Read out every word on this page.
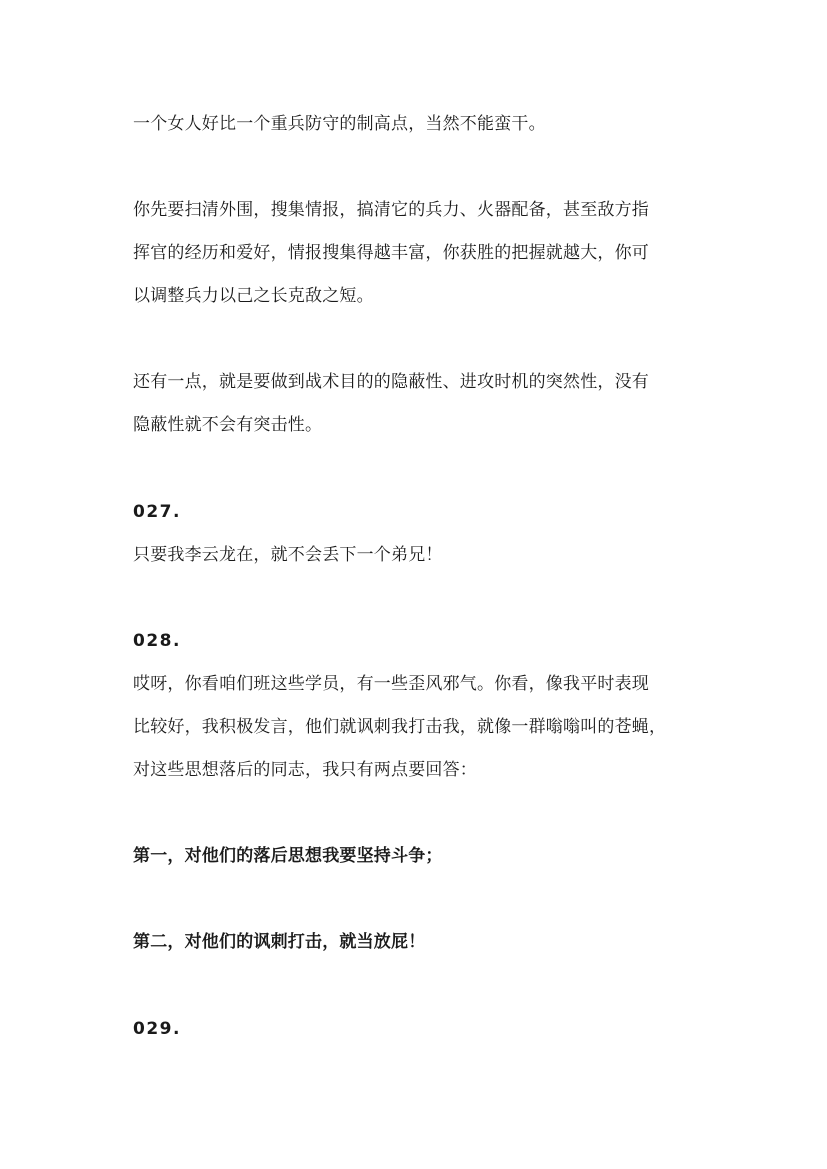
一个女人好比一个重兵防守的制高点，当然不能蛮干。
你先要扫清外围，搜集情报，搞清它的兵力、火器配备，甚至敌方指
挥官的经历和爱好，情报搜集得越丰富，你获胜的把握就越大，你可
以调整兵力以己之长克敌之短。
还有一点，就是要做到战术目的的隐蔽性、进攻时机的突然性，没有
隐蔽性就不会有突击性。
027.
只要我李云龙在，就不会丢下一个弟兄！
028.
哎呀，你看咱们班这些学员，有一些歪风邪气。你看，像我平时表现
比较好，我积极发言，他们就讽刺我打击我，就像一群嗡嗡叫的苍蝇，
对这些思想落后的同志，我只有两点要回答：
第一，对他们的落后思想我要坚持斗争；
第二，对他们的讽刺打击，就当放屁！
029.
